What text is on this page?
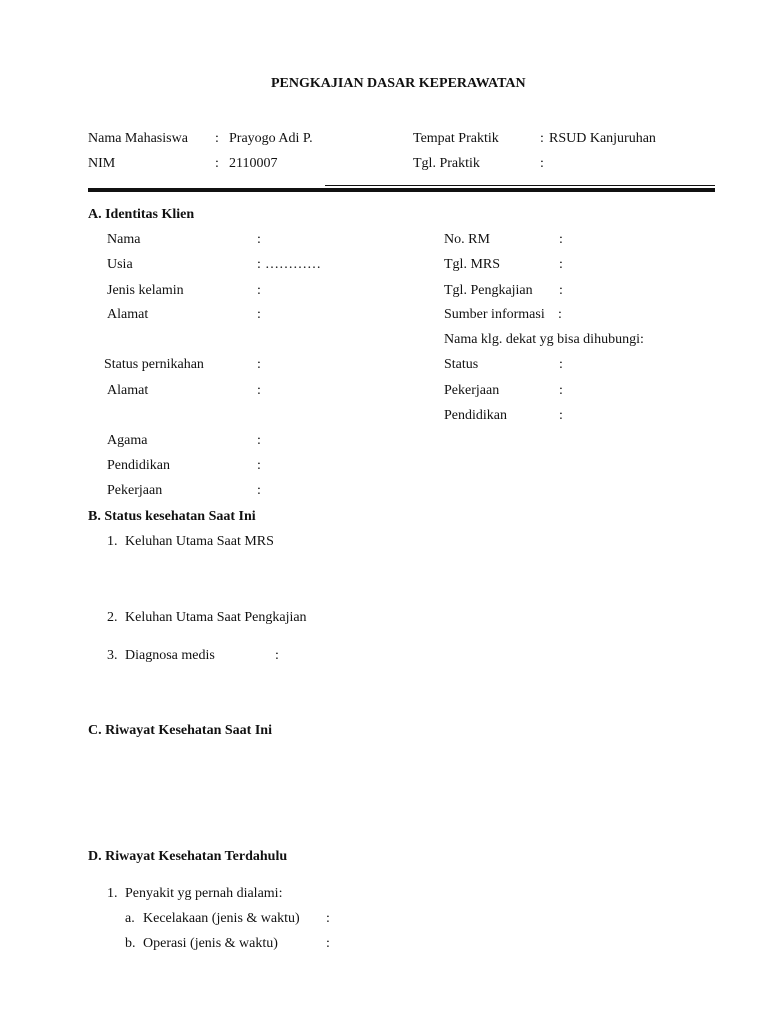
PENGKAJIAN DASAR KEPERAWATAN
Nama Mahasiswa : Prayogo Adi P.
NIM	: 2110007
Tempat Praktik	: RSUD Kanjuruhan
Tgl. Praktik	:
A. Identitas Klien
Nama	:
Usia	: …………
Jenis kelamin	:
Alamat	:
Status pernikahan	:
Alamat	:
Agama	:
Pendidikan	:
Pekerjaan	:
No. RM	:
Tgl. MRS	:
Tgl. Pengkajian :
Sumber informasi :
Nama klg. dekat yg bisa dihubungi:
Status	:
Pekerjaan	:
Pendidikan	:
B. Status kesehatan Saat Ini
1. Keluhan Utama Saat MRS
2. Keluhan Utama Saat Pengkajian
3. Diagnosa medis	:
C. Riwayat Kesehatan Saat Ini
D. Riwayat Kesehatan Terdahulu
1. Penyakit yg pernah dialami:
a. Kecelakaan (jenis & waktu) :
b. Operasi (jenis & waktu)	:
